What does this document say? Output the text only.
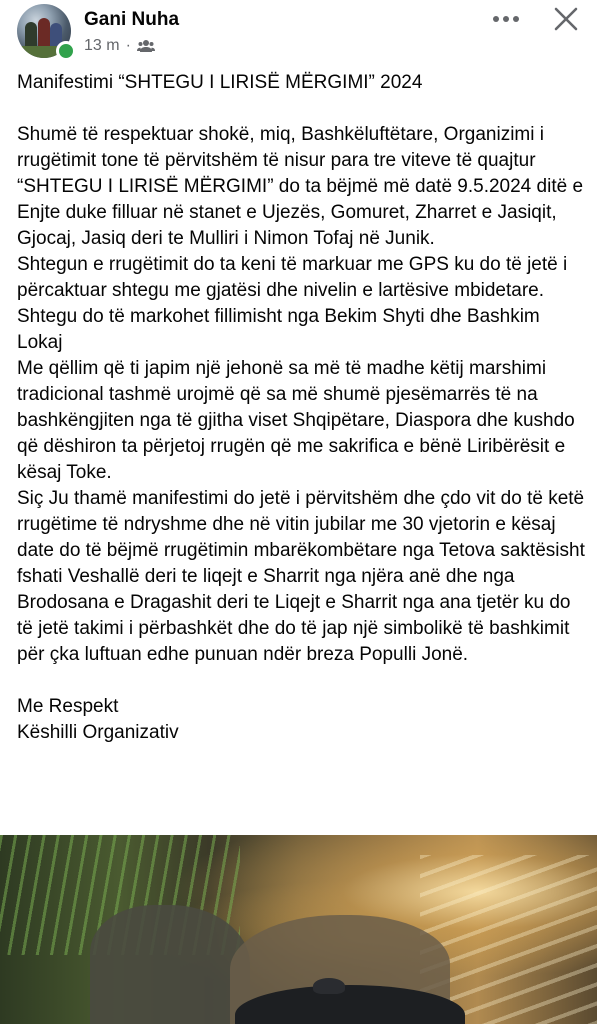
Gani Nuha
13 m ·

Manifestimi “SHTEGU I LIRISË MËRGIMI” 2024

Shumë të respektuar shokë, miq, Bashkëluftëtare, Organizimi i rrugëtimit tone të përvitshëm të nisur para tre viteve të quajtur “SHTEGU I LIRISË MËRGIMI” do ta bëjmë më datë 9.5.2024 ditë e Enjte duke filluar në stanet e Ujezës, Gomuret, Zharret e Jasiqit, Gjocaj, Jasiq deri te Mulliri i Nimon Tofaj në Junik.

Shtegun e rrugëtimit do ta keni të markuar me GPS ku do të jetë i përcaktuar shtegu me gjatësi dhe nivelin e lartësive mbidetare.

Shtegu do të markohet fillimisht nga Bekim Shyti dhe Bashkim Lokaj

Me qëllim që ti japim një jehonë sa më të madhe këtij marshimi tradicional tashmë urojmë që sa më shumë pjesëmarrës të na bashkëngjiten nga të gjitha viset Shqipëtare, Diaspora dhe kushdo që dëshiron ta përjetoj rrugën që me sakrifica e bënë Liribërësit e kësaj Toke.

Siç Ju thamë manifestimi do jetë i përvitshëm dhe çdo vit do të ketë rrugëtime të ndryshme dhe në vitin jubilar me 30 vjetorin e kësaj date do të bëjmë rrugëtimin mbarëkombëtare nga Tetova saktësisht fshati Veshallë deri te liqejt e Sharrit nga njëra anë dhe nga Brodosana e Dragashit deri te Liqejt e Sharrit nga ana tjetër ku do të jetë takimi i përbashkët dhe do të jap një simbolikë të bashkimit për çka luftuan edhe punuan ndër breza Populli Jonë.

Me Respekt

Këshilli Organizativ
